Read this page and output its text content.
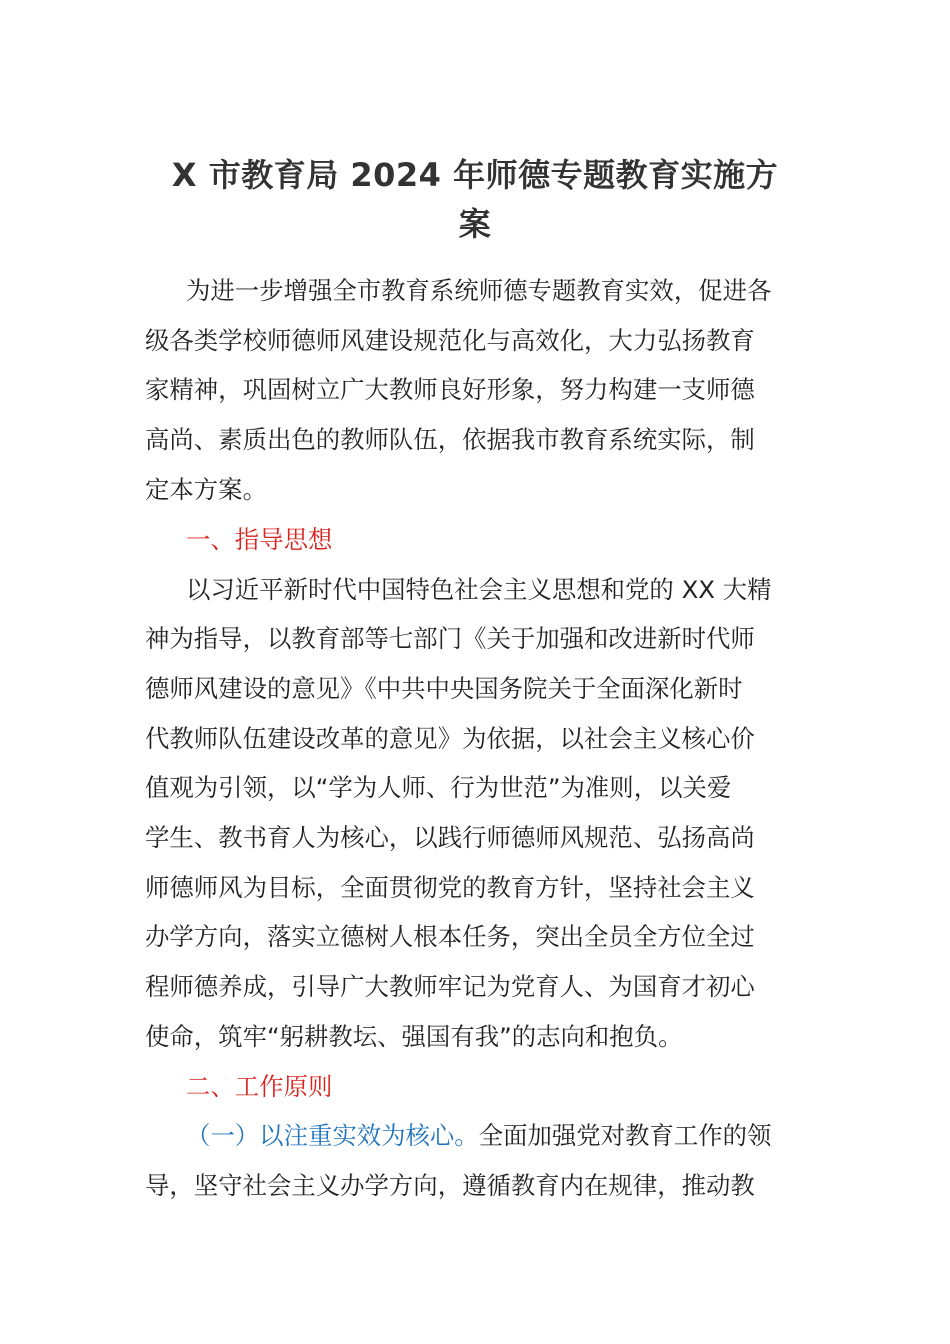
X 市教育局 2024 年师德专题教育实施方
案

为进一步增强全市教育系统师德专题教育实效，促进各

级各类学校师德师风建设规范化与高效化，大力弘扬教育

家精神，巩固树立广大教师良好形象，努力构建一支师德

高尚、素质出色的教师队伍，依据我市教育系统实际，制

定本方案。

一、指导思想

以习近平新时代中国特色社会主义思想和党的 XX 大精

神为指导，以教育部等七部门《关于加强和改进新时代师

德师风建设的意见》《中共中央国务院关于全面深化新时

代教师队伍建设改革的意见》为依据，以社会主义核心价

值观为引领，以“学为人师、行为世范”为准则，以关爱

学生、教书育人为核心，以践行师德师风规范、弘扬高尚

师德师风为目标，全面贯彻党的教育方针，坚持社会主义

办学方向，落实立德树人根本任务，突出全员全方位全过

程师德养成，引导广大教师牢记为党育人、为国育才初心

使命，筑牢“躬耕教坛、强国有我”的志向和抱负。

二、工作原则

（一）以注重实效为核心。全面加强党对教育工作的领

导，坚守社会主义办学方向，遵循教育内在规律，推动教
